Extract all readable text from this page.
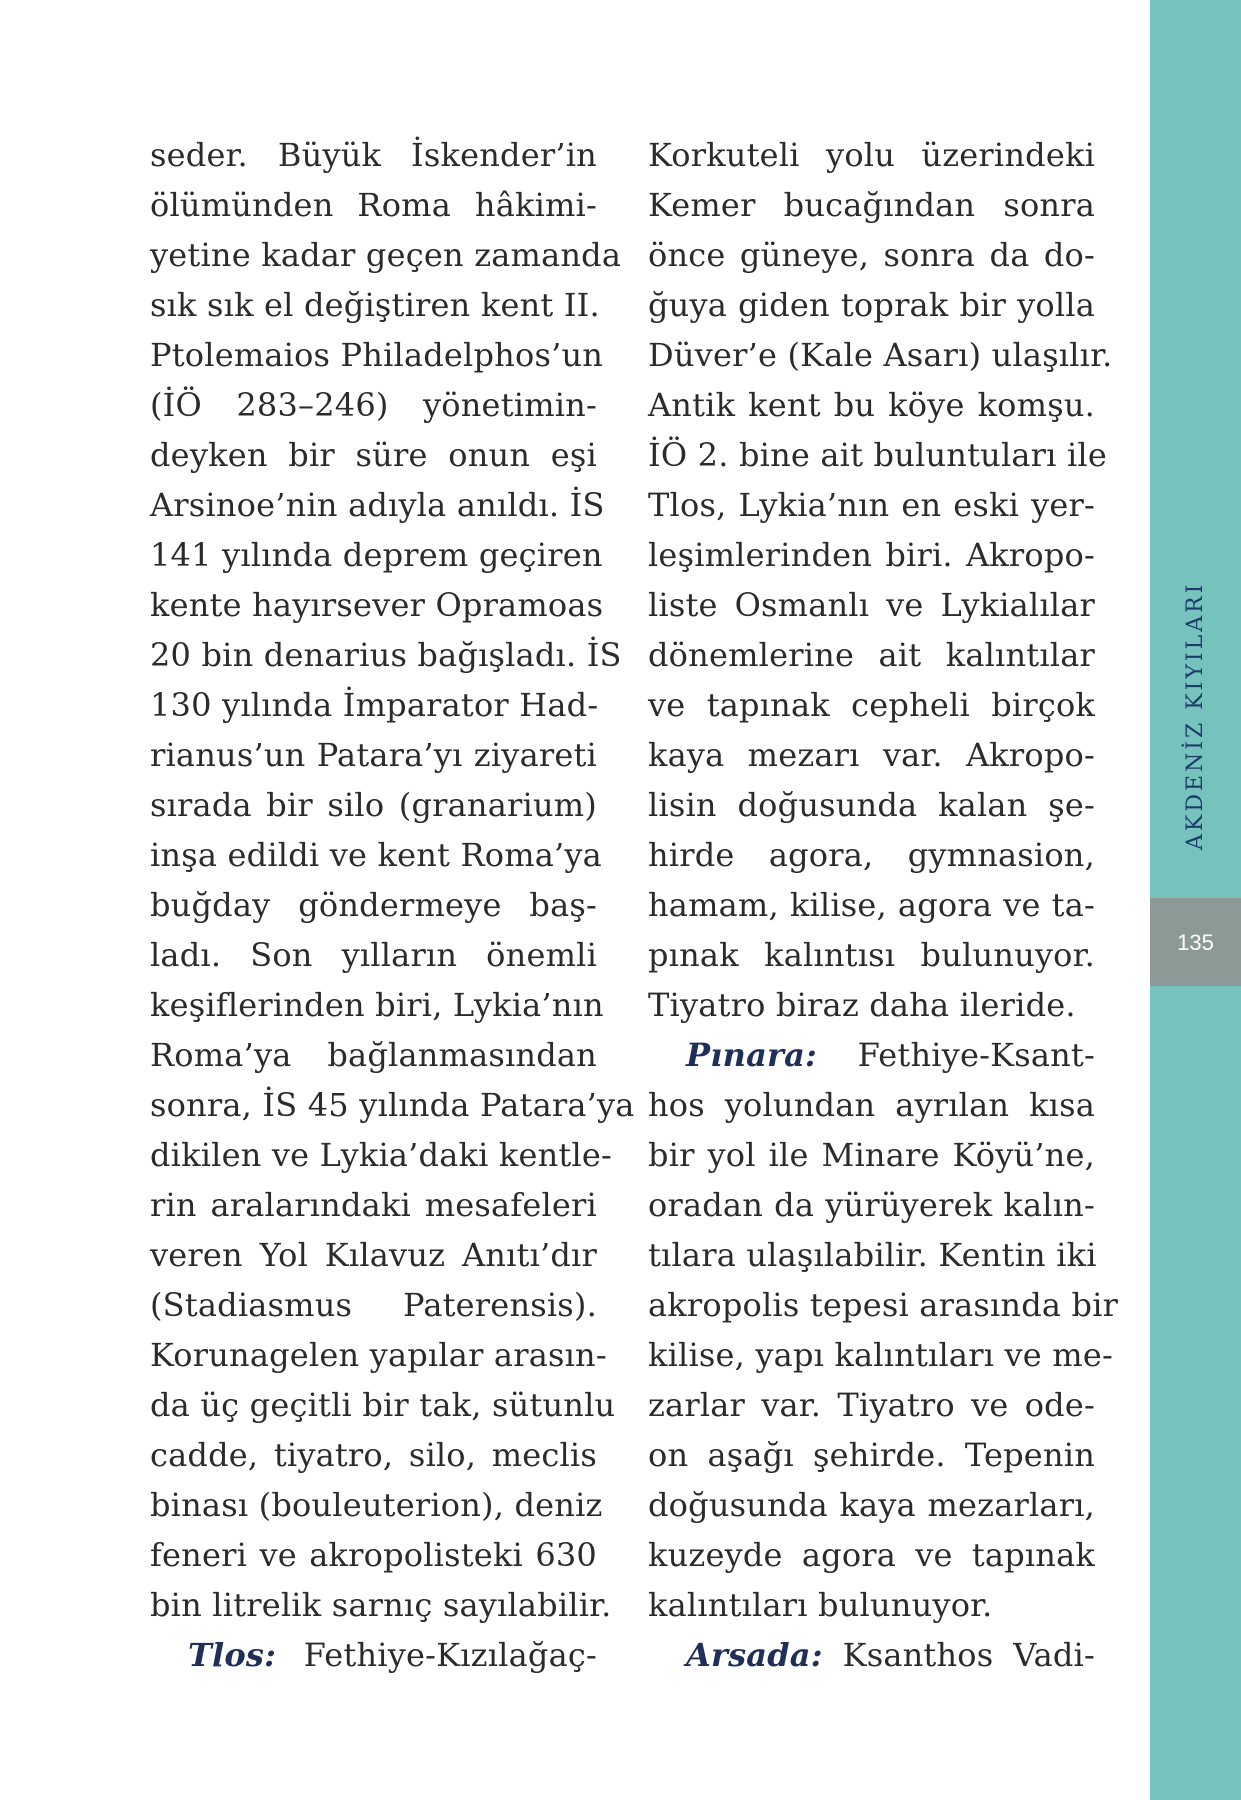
seder. Büyük İskender’in
ölümünden Roma hâkimi-
yetine kadar geçen zamanda
sık sık el değiştiren kent II.
Ptolemaios Philadelphos’un
(İÖ 283–246) yönetimin-
deyken bir süre onun eşi
Arsinoe’nin adıyla anıldı. İS
141 yılında deprem geçiren
kente hayırsever Opramoas
20 bin denarius bağışladı. İS
130 yılında İmparator Had-
rianus’un Patara’yı ziyareti
sırada bir silo (granarium)
inşa edildi ve kent Roma’ya
buğday göndermeye baş-
ladı. Son yılların önemli
keşiflerinden biri, Lykia’nın
Roma’ya bağlanmasından
sonra, İS 45 yılında Patara’ya
dikilen ve Lykia’daki kentle-
rin aralarındaki mesafeleri
veren Yol Kılavuz Anıtı’dır
(Stadiasmus Paterensis).
Korunagelen yapılar arasın-
da üç geçitli bir tak, sütunlu
cadde, tiyatro, silo, meclis
binası (bouleuterion), deniz
feneri ve akropolisteki 630
bin litrelik sarnıç sayılabilir.
Tlos: Fethiye-Kızılağaç-
Korkuteli yolu üzerindeki
Kemer bucağından sonra
önce güneye, sonra da do-
ğuya giden toprak bir yolla
Düver’e (Kale Asarı) ulaşılır.
Antik kent bu köye komşu.
İÖ 2. bine ait buluntuları ile
Tlos, Lykia’nın en eski yer-
leşimlerinden biri. Akropo-
liste Osmanlı ve Lykialılar
dönemlerine ait kalıntılar
ve tapınak cepheli birçok
kaya mezarı var. Akropo-
lisin doğusunda kalan şe-
hirde agora, gymnasion,
hamam, kilise, agora ve ta-
pınak kalıntısı bulunuyor.
Tiyatro biraz daha ileride.
Pınara: Fethiye-Ksant-
hos yolundan ayrılan kısa
bir yol ile Minare Köyü’ne,
oradan da yürüyerek kalın-
tılara ulaşılabilir. Kentin iki
akropolis tepesi arasında bir
kilise, yapı kalıntıları ve me-
zarlar var. Tiyatro ve ode-
on aşağı şehirde. Tepenin
doğusunda kaya mezarları,
kuzeyde agora ve tapınak
kalıntıları bulunuyor.
Arsada: Ksanthos Vadi-
135
AKDENİZ KIYILARI
